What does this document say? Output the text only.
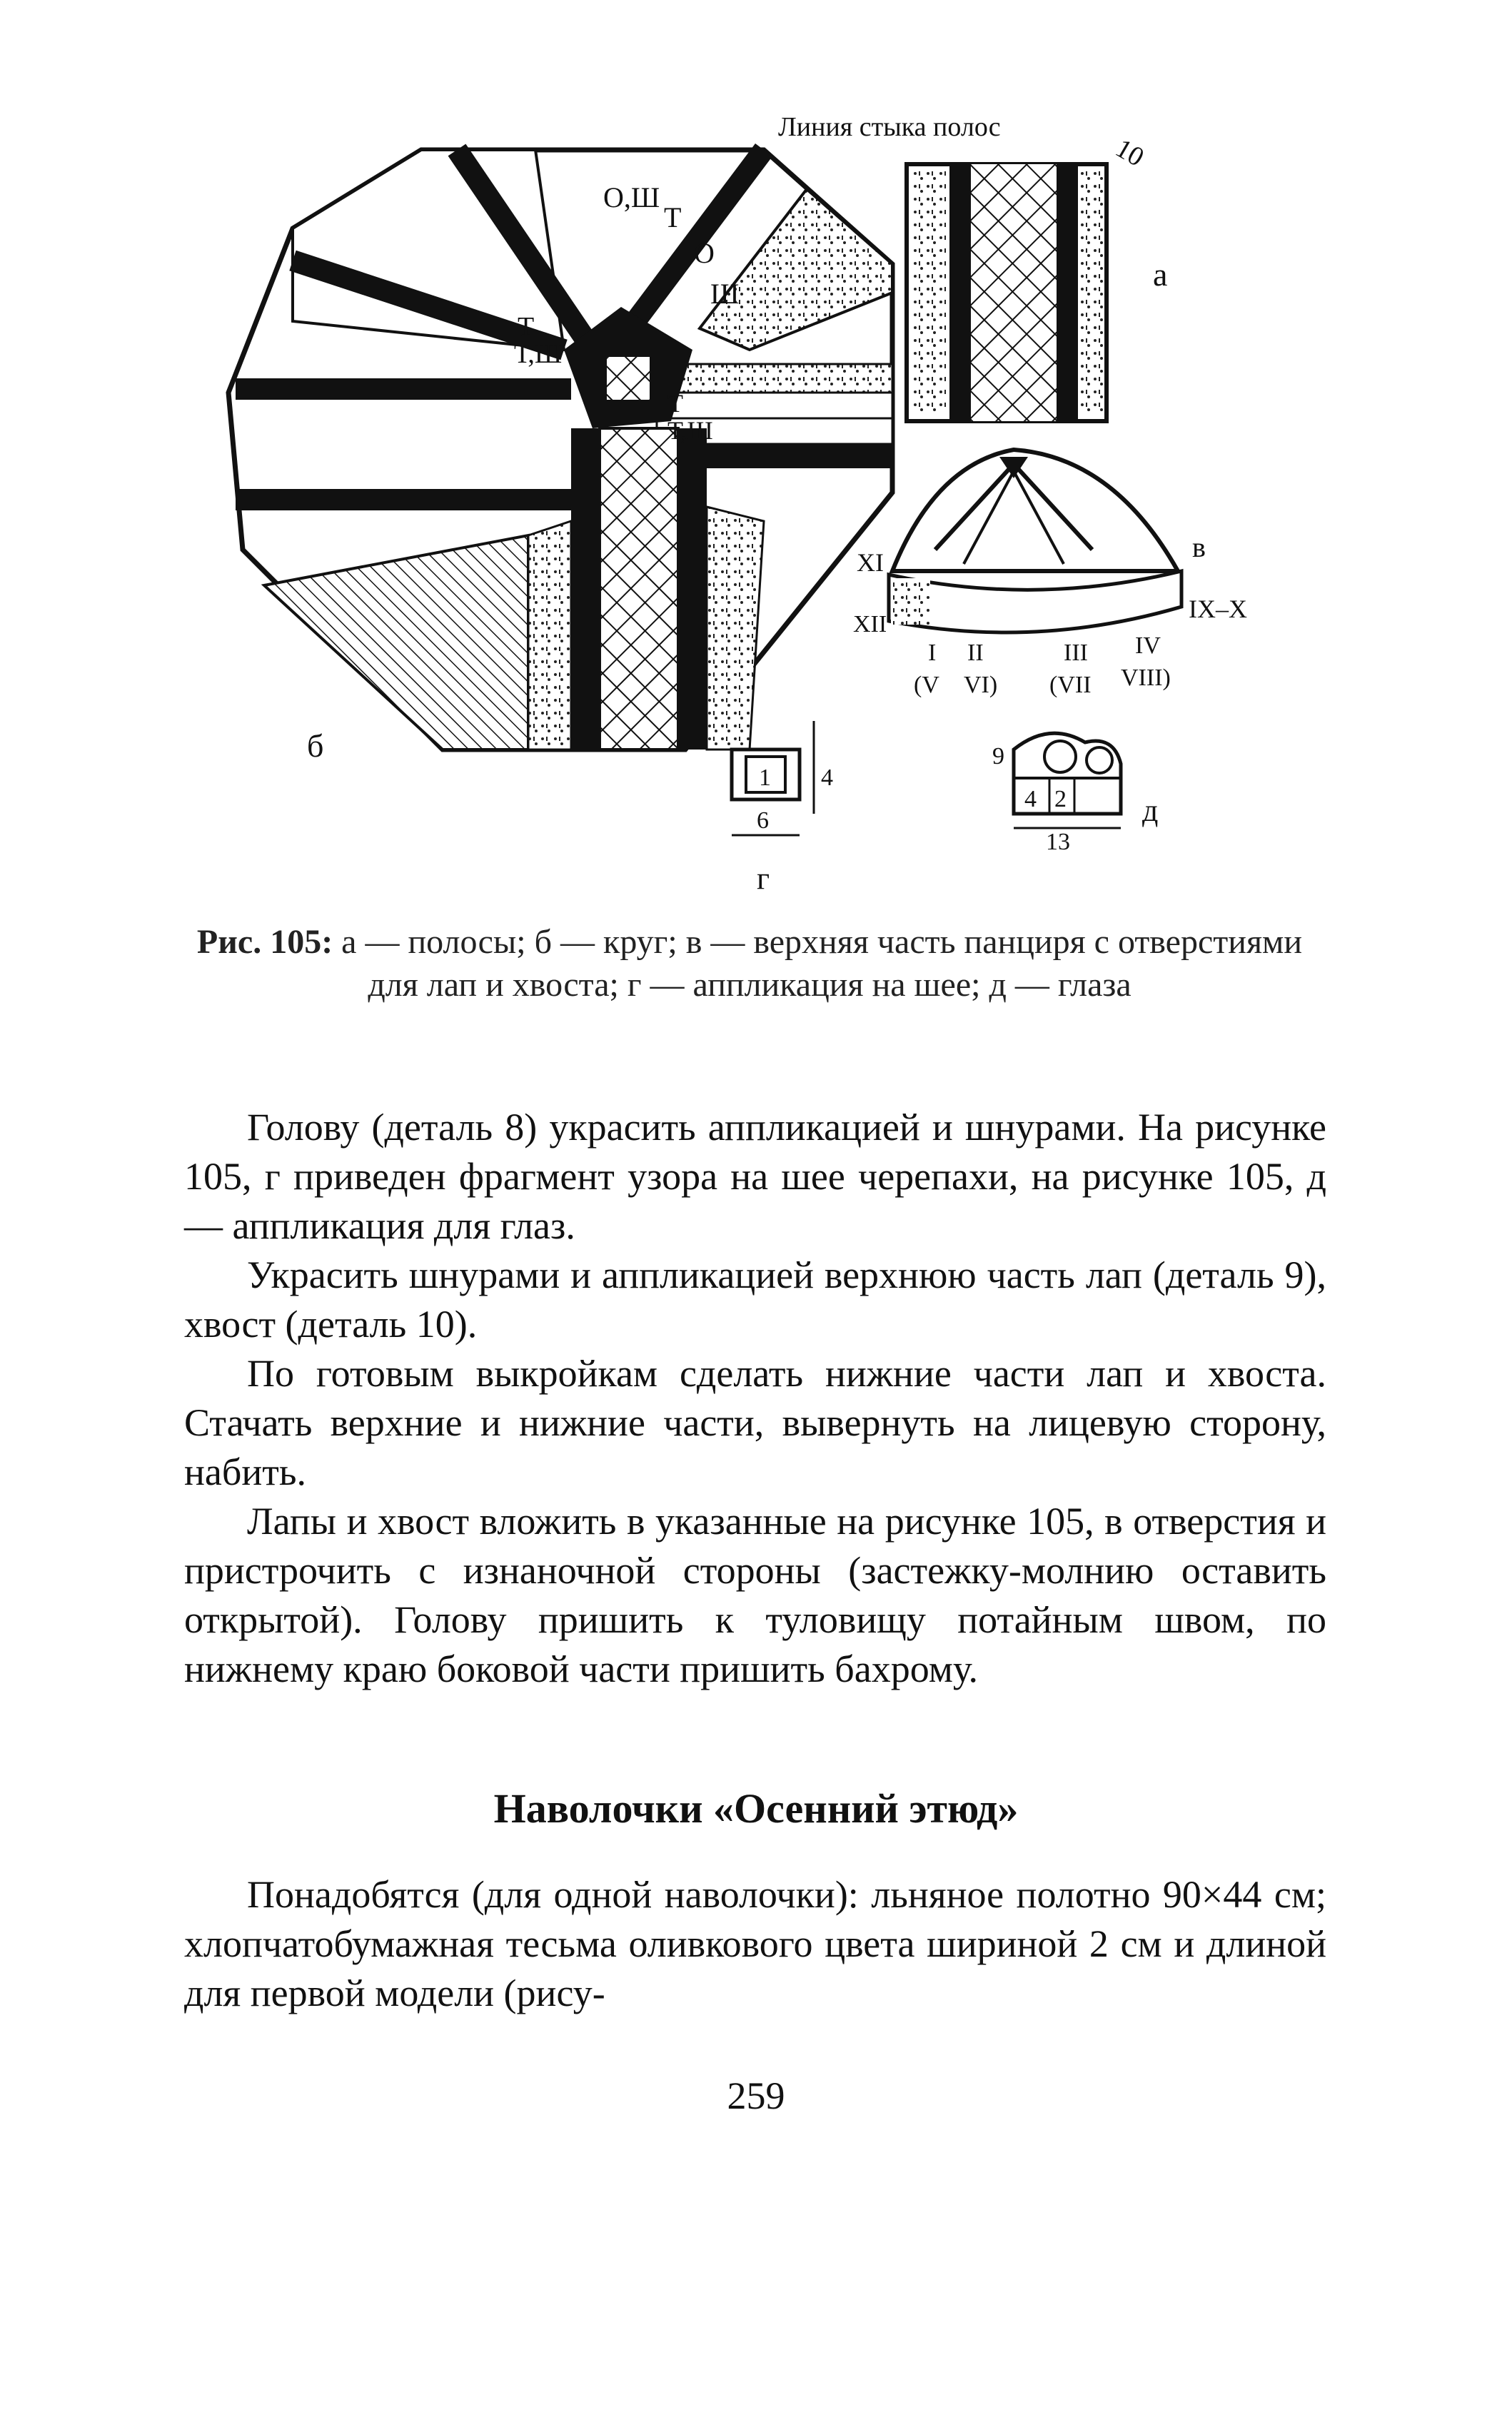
О,Ш
Т
О
Ш
Т
Т,Ш
Т
Т,Ш
б
Линия стыка полос
10
а
XI	в
XII
IX–X
I II	III IV
(V VI) (VII VIII)
1 4
6
г
9
4 2
13
д
Рис. 105: а — полосы; б — круг; в — верхняя часть панциря с отверстиями для лап и хвоста; г — аппликация на шее; д — глаза

Голову (деталь 8) украсить аппликацией и шнурами. На рисунке 105, г приведен фрагмент узора на шее черепахи, на рисунке 105, д — аппликация для глаз.

Украсить шнурами и аппликацией верхнюю часть лап (деталь 9), хвост (деталь 10).

По готовым выкройкам сделать нижние части лап и хвоста. Стачать верхние и нижние части, вывернуть на лицевую сторону, набить.

Лапы и хвост вложить в указанные на рисунке 105, в отверстия и пристрочить с изнаночной стороны (застежку-молнию оставить открытой). Голову пришить к туловищу потайным швом, по нижнему краю боковой части пришить бахрому.

Наволочки «Осенний этюд»

Понадобятся (для одной наволочки): льняное полотно 90×44 см; хлопчатобумажная тесьма оливкового цвета шириной 2 см и длиной для первой модели (рису-

259
